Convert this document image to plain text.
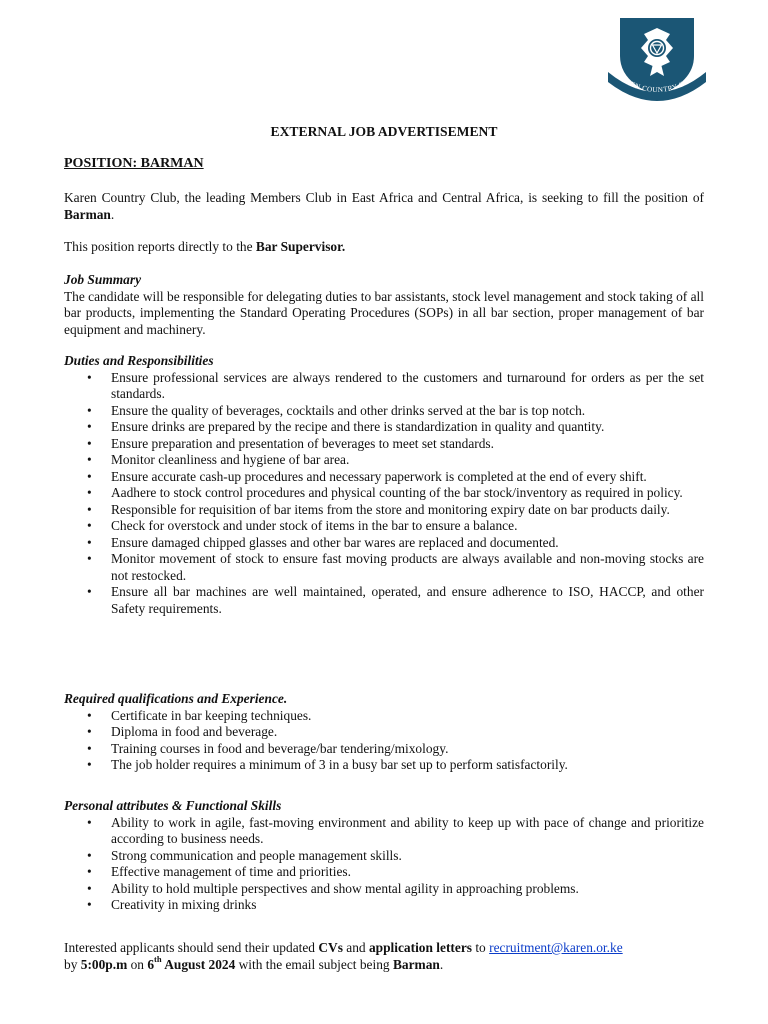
KAREN COUNTRY CLUB
EXTERNAL JOB ADVERTISEMENT
POSITION: BARMAN
Karen Country Club, the leading Members Club in East Africa and Central Africa, is seeking to fill the position of Barman.
This position reports directly to the Bar Supervisor.
Job Summary
The candidate will be responsible for delegating duties to bar assistants, stock level management and stock taking of all bar products, implementing the Standard Operating Procedures (SOPs) in all bar section, proper management of bar equipment and machinery.
Duties and Responsibilities
• Ensure professional services are always rendered to the customers and turnaround for orders as per the set standards.
• Ensure the quality of beverages, cocktails and other drinks served at the bar is top notch.
• Ensure drinks are prepared by the recipe and there is standardization in quality and quantity.
• Ensure preparation and presentation of beverages to meet set standards.
• Monitor cleanliness and hygiene of bar area.
• Ensure accurate cash-up procedures and necessary paperwork is completed at the end of every shift.
• Aadhere to stock control procedures and physical counting of the bar stock/inventory as required in policy.
• Responsible for requisition of bar items from the store and monitoring expiry date on bar products daily.
• Check for overstock and under stock of items in the bar to ensure a balance.
• Ensure damaged chipped glasses and other bar wares are replaced and documented.
• Monitor movement of stock to ensure fast moving products are always available and non-moving stocks are not restocked.
• Ensure all bar machines are well maintained, operated, and ensure adherence to ISO, HACCP, and other Safety requirements.
Required qualifications and Experience.
• Certificate in bar keeping techniques.
• Diploma in food and beverage.
• Training courses in food and beverage/bar tendering/mixology.
• The job holder requires a minimum of 3 in a busy bar set up to perform satisfactorily.
Personal attributes & Functional Skills
• Ability to work in agile, fast-moving environment and ability to keep up with pace of change and prioritize according to business needs.
• Strong communication and people management skills.
• Effective management of time and priorities.
• Ability to hold multiple perspectives and show mental agility in approaching problems.
• Creativity in mixing drinks
Interested applicants should send their updated CVs and application letters to recruitment@karen.or.ke
by 5:00p.m on 6th August 2024 with the email subject being Barman.
